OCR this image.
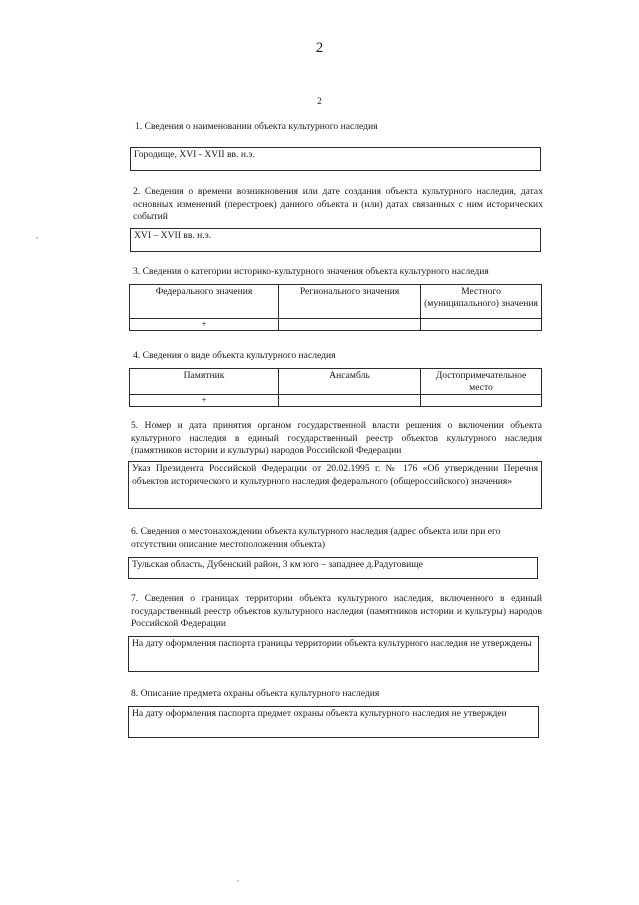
2
2
1. Сведения о наименовании объекта культурного наследия
Городище, XVI - XVII вв. н.э.
2. Сведения о времени возникновения или дате создания объекта культурного наследия, датах основных изменений (перестроек) данного объекта и (или) датах связанных с ним исторических событий
XVI – XVII вв. н.э.
3. Сведения о категории историко-культурного значения объекта культурного наследия
Федерального значения	Регионального значения	Местного (муниципального) значения
+		
4. Сведения о виде объекта культурного наследия
Памятник	Ансамбль	Достопримечательное место
+		
5. Номер и дата принятия органом государственной власти решения о включении объекта культурного наследия в единый государственный реестр объектов культурного наследия (памятников истории и культуры) народов Российской Федерации
Указ Президента Российской Федерации от 20.02.1995 г. № 176 «Об утверждении Перечня объектов исторического и культурного наследия федерального (общероссийского) значения»
6. Сведения о местонахождении объекта культурного наследия (адрес объекта или при его отсутствии описание местоположения объекта)
Тульская область, Дубенский район, 3 км юго – западнее д.Радуговище
7. Сведения о границах территории объекта культурного наследия, включенного в единый государственный реестр объектов культурного наследия (памятников истории и культуры) народов Российской Федерации
На дату оформления паспорта границы территории объекта культурного наследия не утверждены
8. Описание предмета охраны объекта культурного наследия
На дату оформления паспорта предмет охраны объекта культурного наследия не утвержден
